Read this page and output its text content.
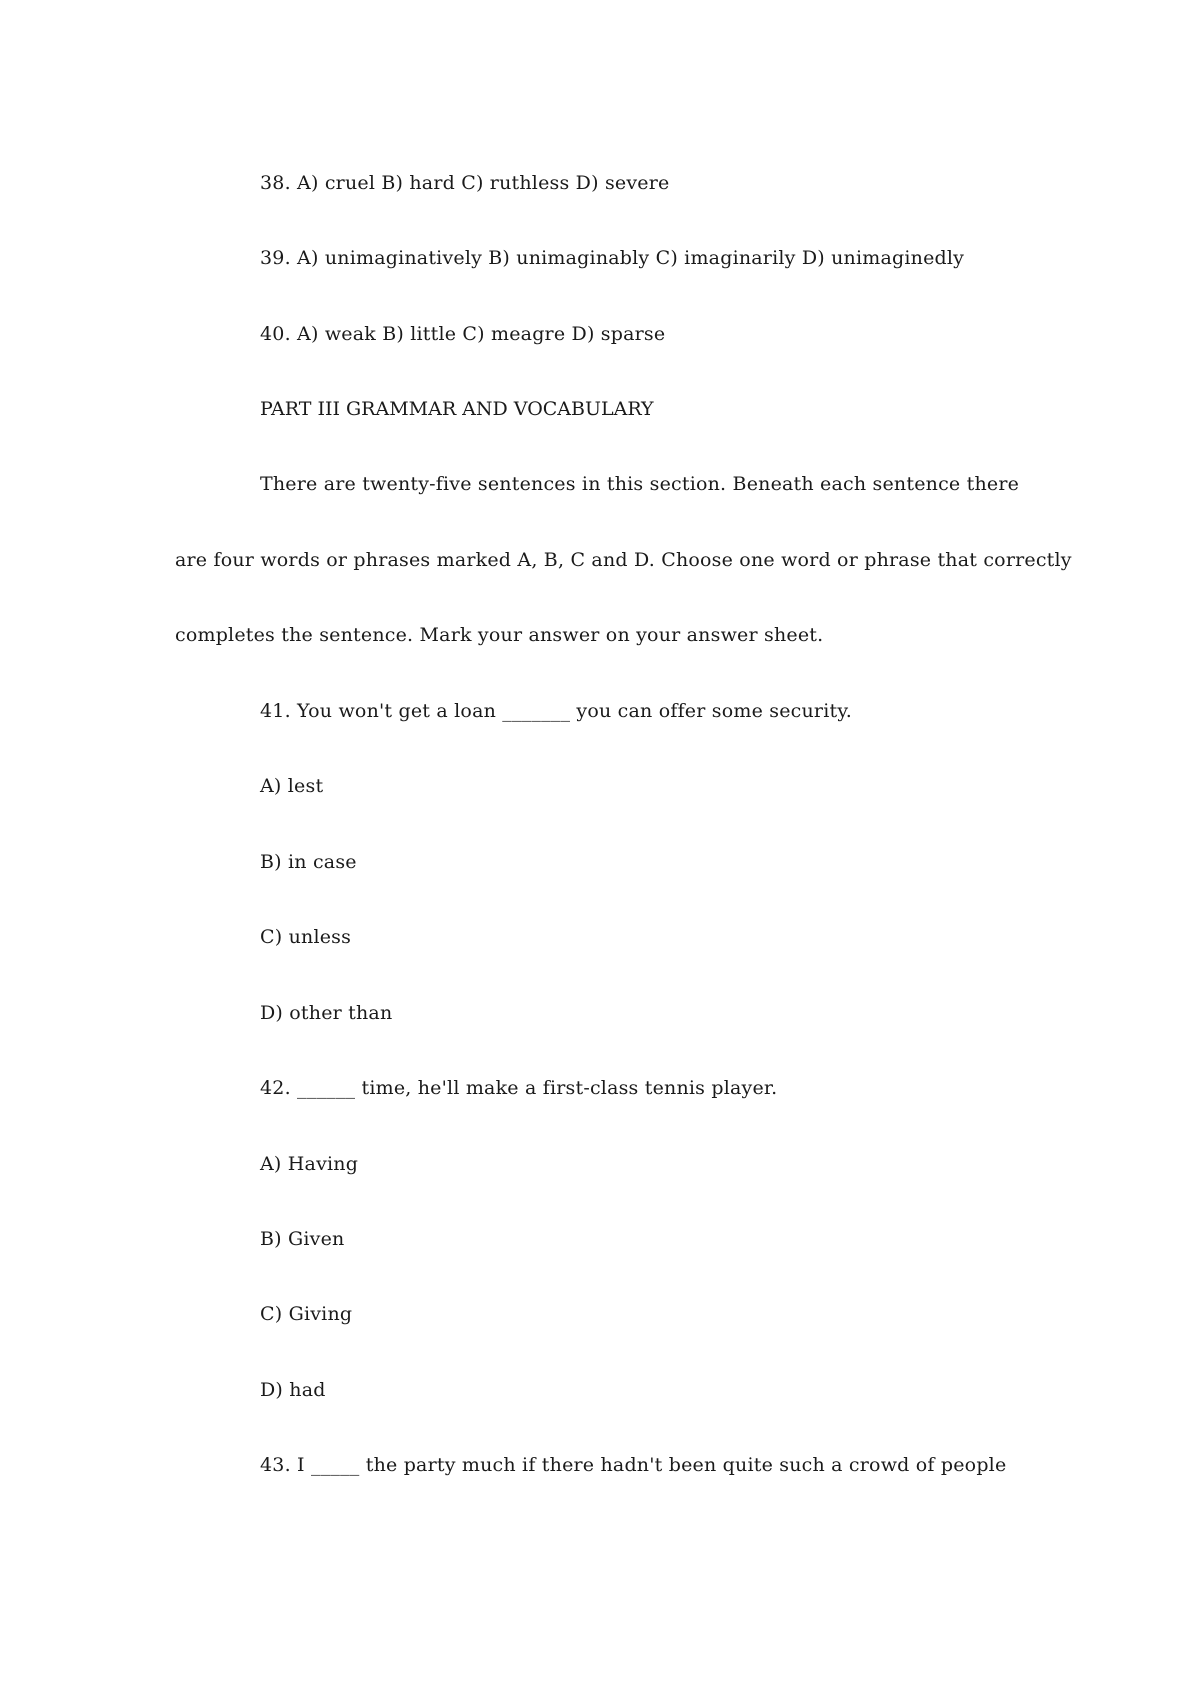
38. A) cruel B) hard C) ruthless D) severe
39. A) unimaginatively B) unimaginably C) imaginarily D) unimaginedly
40. A) weak B) little C) meagre D) sparse
PART III GRAMMAR AND VOCABULARY
There are twenty-five sentences in this section. Beneath each sentence there
are four words or phrases marked A, B, C and D. Choose one word or phrase that correctly
completes the sentence. Mark your answer on your answer sheet.
41. You won't get a loan _______ you can offer some security.
A) lest
B) in case
C) unless
D) other than
42. ______ time, he'll make a first-class tennis player.
A) Having
B) Given
C) Giving
D) had
43. I _____ the party much if there hadn't been quite such a crowd of people
